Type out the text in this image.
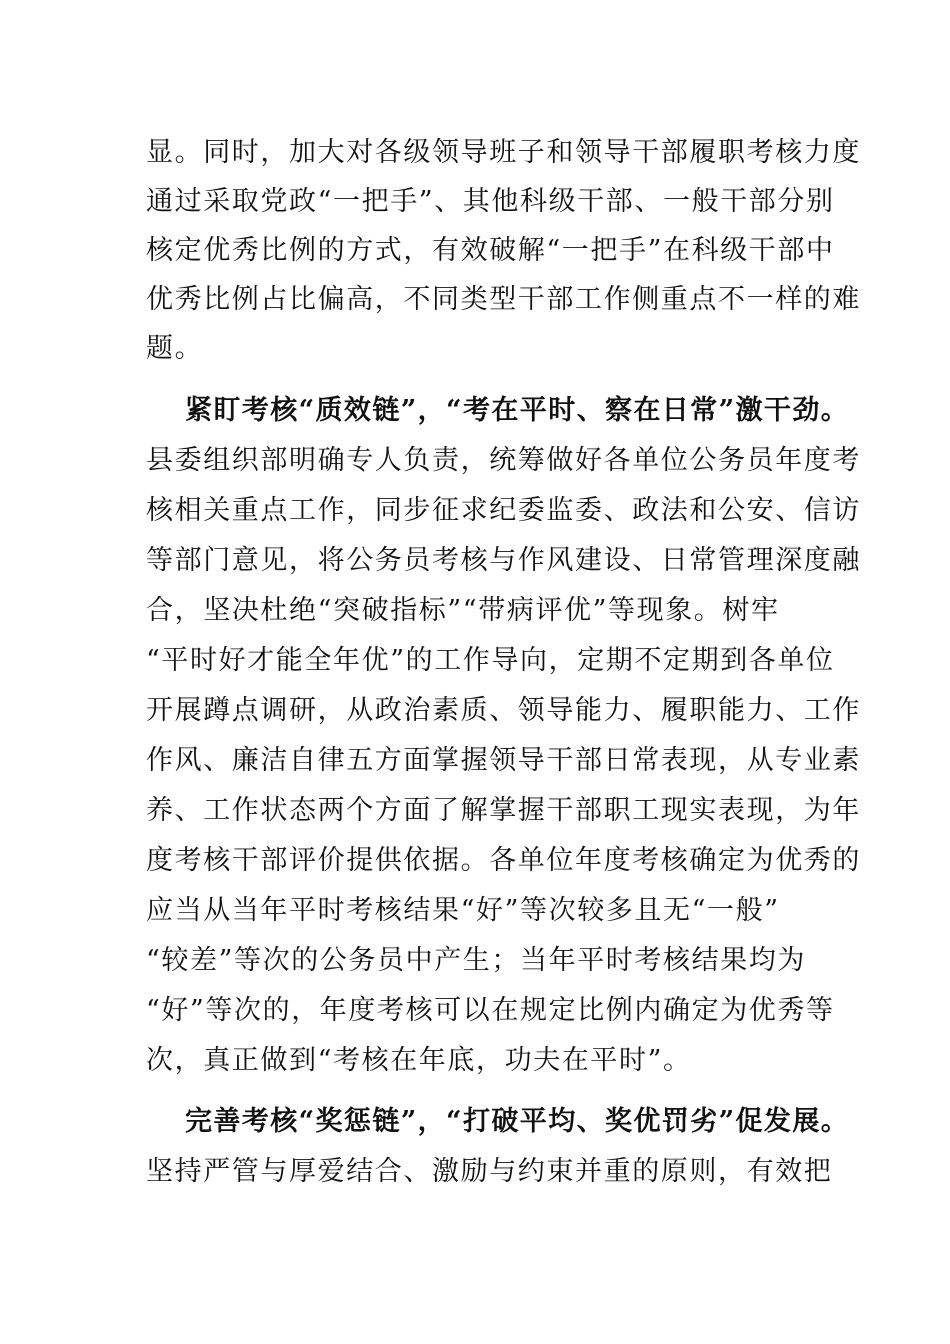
显。同时，加大对各级领导班子和领导干部履职考核力度
通过采取党政“一把手”、其他科级干部、一般干部分别
核定优秀比例的方式，有效破解“一把手”在科级干部中
优秀比例占比偏高，不同类型干部工作侧重点不一样的难
题。
紧盯考核“质效链”，“考在平时、察在日常”激干劲。
县委组织部明确专人负责，统筹做好各单位公务员年度考
核相关重点工作，同步征求纪委监委、政法和公安、信访
等部门意见，将公务员考核与作风建设、日常管理深度融
合，坚决杜绝“突破指标”“带病评优”等现象。树牢
“平时好才能全年优”的工作导向，定期不定期到各单位
开展蹲点调研，从政治素质、领导能力、履职能力、工作
作风、廉洁自律五方面掌握领导干部日常表现，从专业素
养、工作状态两个方面了解掌握干部职工现实表现，为年
度考核干部评价提供依据。各单位年度考核确定为优秀的
应当从当年平时考核结果“好”等次较多且无“一般”
“较差”等次的公务员中产生；当年平时考核结果均为
“好”等次的，年度考核可以在规定比例内确定为优秀等
次，真正做到“考核在年底，功夫在平时”。
完善考核“奖惩链”，“打破平均、奖优罚劣”促发展。
坚持严管与厚爱结合、激励与约束并重的原则，有效把
